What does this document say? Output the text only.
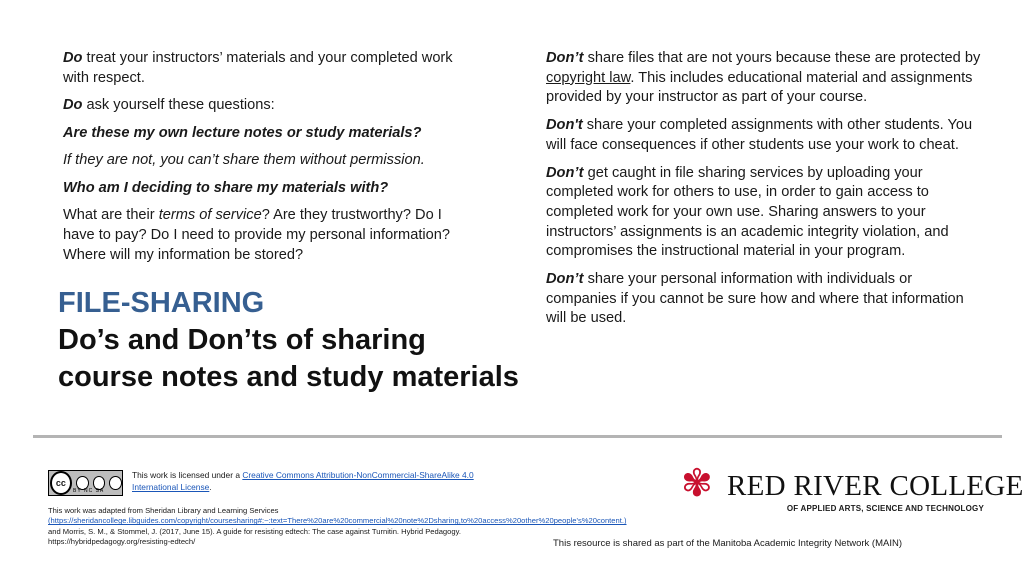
Do treat your instructors’ materials and your completed work with respect.

Do ask yourself these questions:

Are these my own lecture notes or study materials?

If they are not, you can’t share them without permission.

Who am I deciding to share my materials with?

What are their terms of service? Are they trustworthy? Do I have to pay? Do I need to provide my personal information? Where will my information be stored?

FILE-SHARING
Do’s and Don’ts of sharing course notes and study materials

Don’t share files that are not yours because these are protected by copyright law. This includes educational material and assignments provided by your instructor as part of your course.

Don't share your completed assignments with other students. You will face consequences if other students use your work to cheat.

Don’t get caught in file sharing services by uploading your completed work for others to use, in order to gain access to completed work for your own use. Sharing answers to your instructors’ assignments is an academic integrity violation, and compromises the instructional material in your program.

Don’t share your personal information with individuals or companies if you cannot be sure how and where that information will be used.

cc
BY NC SA
This work is licensed under a Creative Commons Attribution-NonCommercial-ShareAlike 4.0 International License.
This work was adapted from Sheridan Library and Learning Services
(https://sheridancollege.libguides.com/copyright/coursesharing#:~:text=There%20are%20commercial%20note%2Dsharing,to%20access%20other%20people's%20content.) and Morris, S. M., & Stommel, J. (2017, June 15). A guide for resisting edtech: The case against Turnitin. Hybrid Pedagogy. https://hybridpedagogy.org/resisting-edtech/
✾ RED RIVER COLLEGE
OF APPLIED ARTS, SCIENCE AND TECHNOLOGY
This resource is shared as part of the Manitoba Academic Integrity Network (MAIN)
